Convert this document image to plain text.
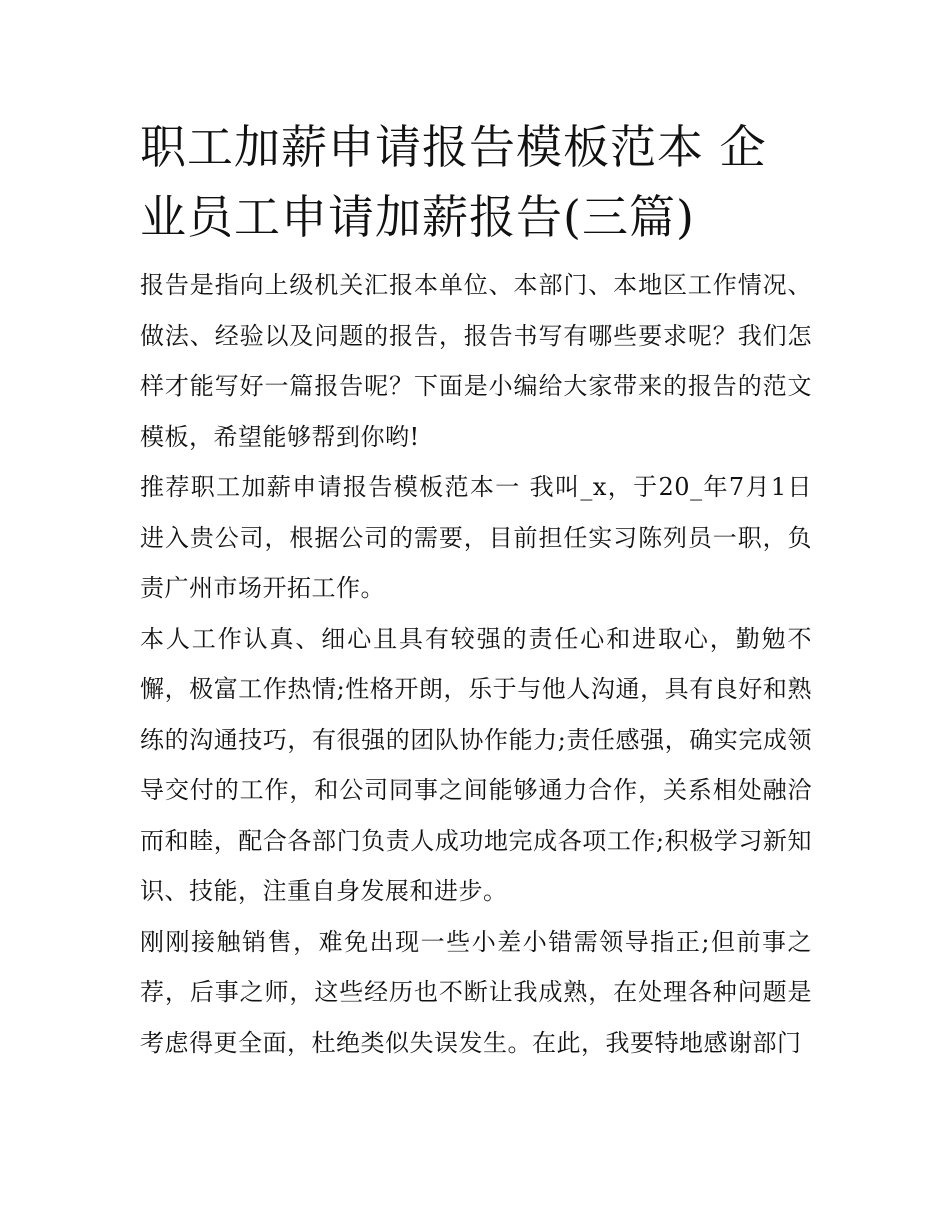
职工加薪申请报告模板范本 企业员工申请加薪报告(三篇)

报告是指向上级机关汇报本单位、本部门、本地区工作情况、做法、经验以及问题的报告，报告书写有哪些要求呢？我们怎样才能写好一篇报告呢？下面是小编给大家带来的报告的范文模板，希望能够帮到你哟!

推荐职工加薪申请报告模板范本一 我叫_x，于20_年7月1日进入贵公司，根据公司的需要，目前担任实习陈列员一职，负责广州市场开拓工作。

本人工作认真、细心且具有较强的责任心和进取心，勤勉不懈，极富工作热情;性格开朗，乐于与他人沟通，具有良好和熟练的沟通技巧，有很强的团队协作能力;责任感强，确实完成领导交付的工作，和公司同事之间能够通力合作，关系相处融洽而和睦，配合各部门负责人成功地完成各项工作;积极学习新知识、技能，注重自身发展和进步。

刚刚接触销售，难免出现一些小差小错需领导指正;但前事之荐，后事之师，这些经历也不断让我成熟，在处理各种问题是考虑得更全面，杜绝类似失误发生。在此，我要特地感谢部门
